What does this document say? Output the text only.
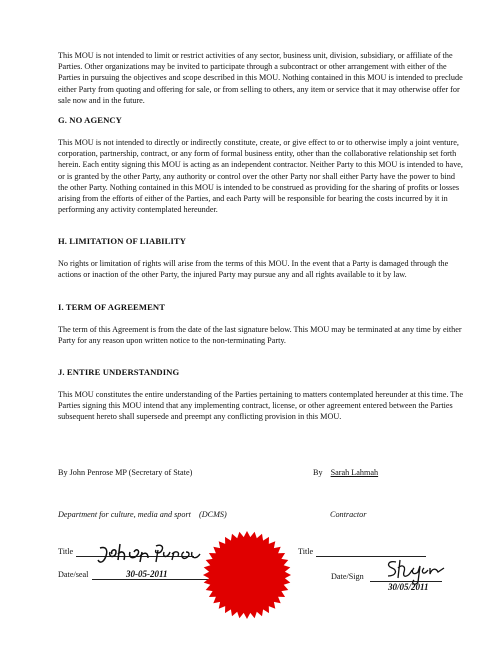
This MOU is not intended to limit or restrict activities of any sector, business unit, division, subsidiary, or affiliate of the Parties. Other organizations may be invited to participate through a subcontract or other arrangement with either of the Parties in pursuing the objectives and scope described in this MOU. Nothing contained in this MOU is intended to preclude either Party from quoting and offering for sale, or from selling to others, any item or service that it may otherwise offer for sale now and in the future.
G. NO AGENCY
This MOU is not intended to directly or indirectly constitute, create, or give effect to or to otherwise imply a joint venture, corporation, partnership, contract, or any form of formal business entity, other than the collaborative relationship set forth herein. Each entity signing this MOU is acting as an independent contractor. Neither Party to this MOU is intended to have, or is granted by the other Party, any authority or control over the other Party nor shall either Party have the power to bind the other Party. Nothing contained in this MOU is intended to be construed as providing for the sharing of profits or losses arising from the efforts of either of the Parties, and each Party will be responsible for bearing the costs incurred by it in performing any activity contemplated hereunder.
H. LIMITATION OF LIABILITY
No rights or limitation of rights will arise from the terms of this MOU. In the event that a Party is damaged through the actions or inaction of the other Party, the injured Party may pursue any and all rights available to it by law.
I. TERM OF AGREEMENT
The term of this Agreement is from the date of the last signature below. This MOU may be terminated at any time by either Party for any reason upon written notice to the non-terminating Party.
J. ENTIRE UNDERSTANDING
This MOU constitutes the entire understanding of the Parties pertaining to matters contemplated hereunder at this time. The Parties signing this MOU intend that any implementing contract, license, or other agreement entered between the Parties subsequent hereto shall supersede and preempt any conflicting provision in this MOU.
By John Penrose MP (Secretary of State)
Department for culture, media and sport (DCMS)
Title
Date/seal	30-05-2011
By Sarah Lahmah
Contractor
Title
Date/Sign
30/05/2011
